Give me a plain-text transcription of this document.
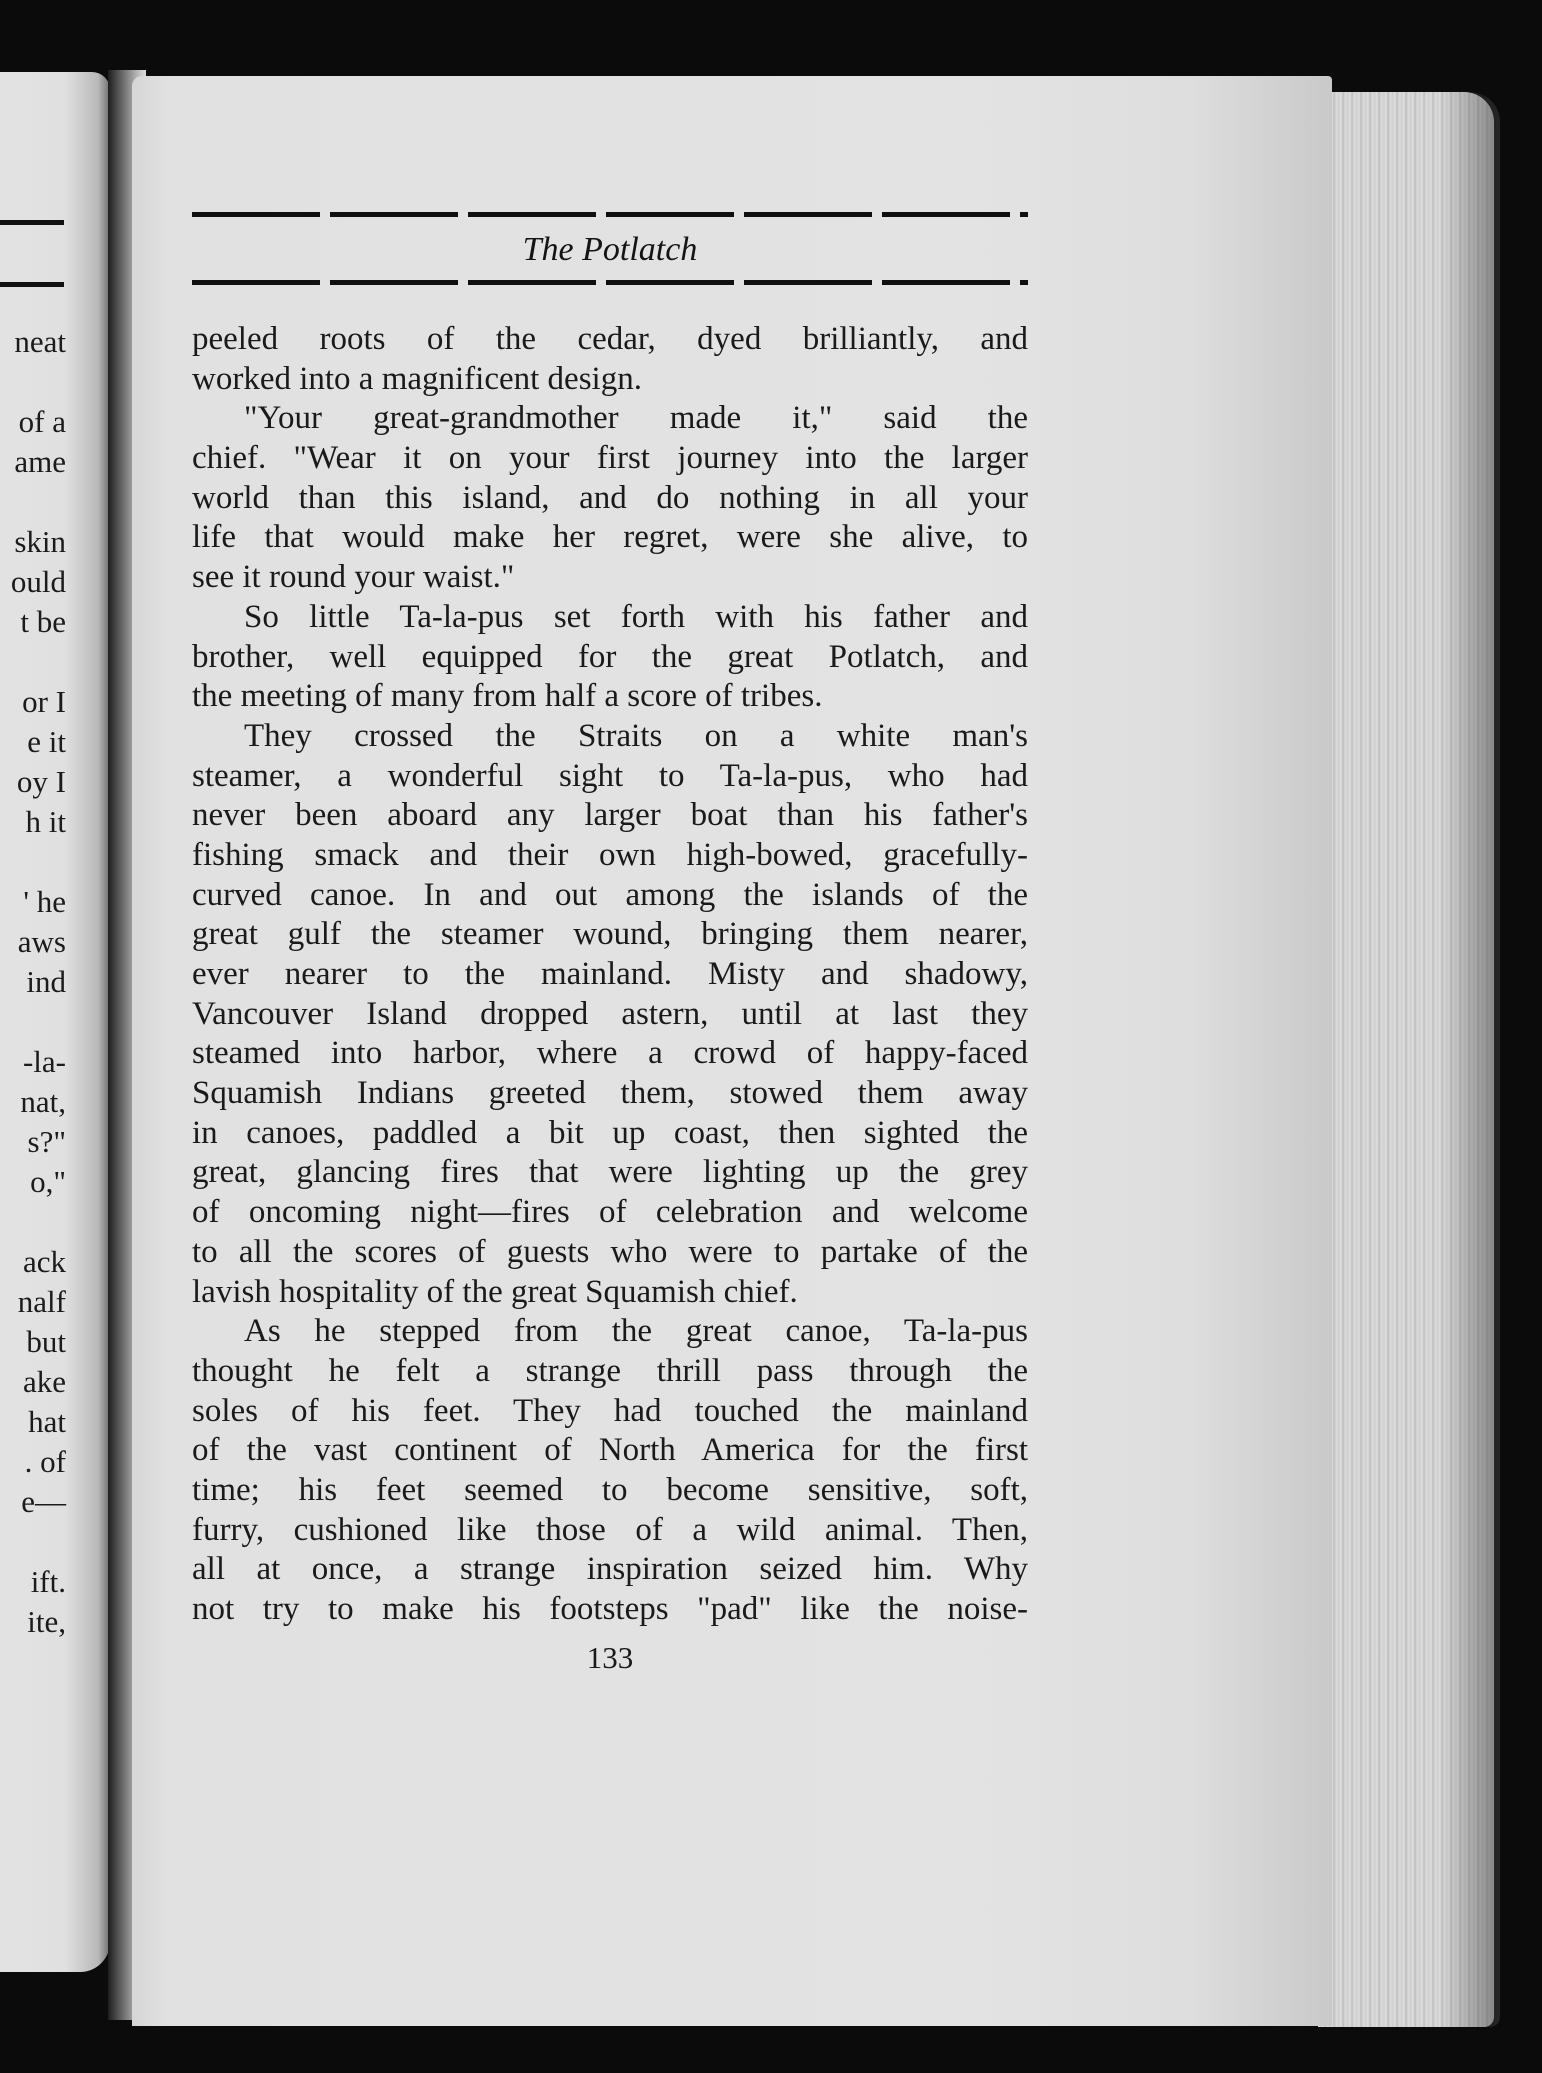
neat
of a
ame
skin
ould
t be
or I
e it
oy I
h it
' he
aws
ind
-la-
nat,
s?"
o,"
ack
nalf
but
ake
hat
. of
e—
ift.
ite,
The Potlatch
peeled roots of the cedar, dyed brilliantly, and
worked into a magnificent design.
"Your great-grandmother made it," said the
chief. "Wear it on your first journey into the larger
world than this island, and do nothing in all your
life that would make her regret, were she alive, to
see it round your waist."
So little Ta-la-pus set forth with his father and
brother, well equipped for the great Potlatch, and
the meeting of many from half a score of tribes.
They crossed the Straits on a white man's
steamer, a wonderful sight to Ta-la-pus, who had
never been aboard any larger boat than his father's
fishing smack and their own high-bowed, gracefully-
curved canoe. In and out among the islands of the
great gulf the steamer wound, bringing them nearer,
ever nearer to the mainland. Misty and shadowy,
Vancouver Island dropped astern, until at last they
steamed into harbor, where a crowd of happy-faced
Squamish Indians greeted them, stowed them away
in canoes, paddled a bit up coast, then sighted the
great, glancing fires that were lighting up the grey
of oncoming night—fires of celebration and welcome
to all the scores of guests who were to partake of the
lavish hospitality of the great Squamish chief.
As he stepped from the great canoe, Ta-la-pus
thought he felt a strange thrill pass through the
soles of his feet. They had touched the mainland
of the vast continent of North America for the first
time; his feet seemed to become sensitive, soft,
furry, cushioned like those of a wild animal. Then,
all at once, a strange inspiration seized him. Why
not try to make his footsteps "pad" like the noise-
133
